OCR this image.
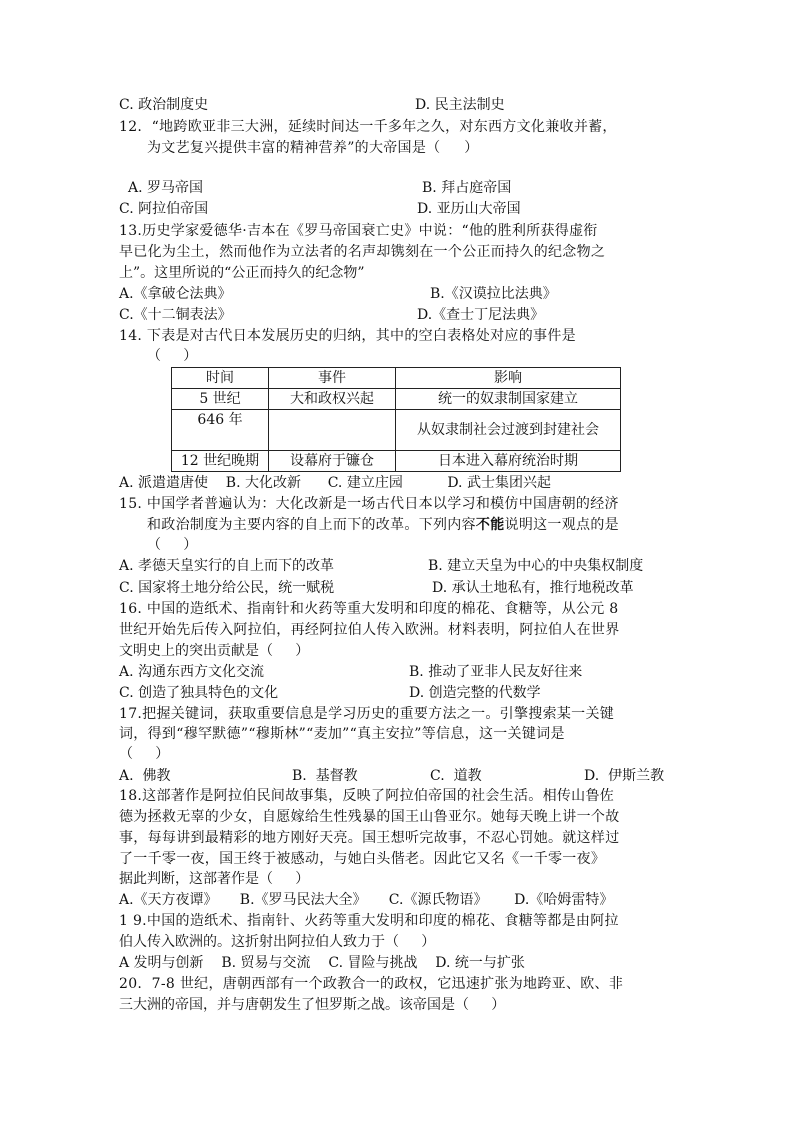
C. 政治制度史	D. 民主法制史
12.  “地跨欧亚非三大洲，延续时间达一千多年之久，对东西方文化兼收并蓄，
为文艺复兴提供丰富的精神营养”的大帝国是（     ）
A. 罗马帝国	B. 拜占庭帝国
C. 阿拉伯帝国	D. 亚历山大帝国
13.历史学家爱德华·吉本在《罗马帝国衰亡史》中说：“他的胜利所获得虚衔
早已化为尘土，然而他作为立法者的名声却镌刻在一个公正而持久的纪念物之
上”。这里所说的“公正而持久的纪念物”
A.《拿破仑法典》	B.《汉谟拉比法典》
C.《十二铜表法》	D.《查士丁尼法典》
14. 下表是对古代日本发展历史的归纳，其中的空白表格处对应的事件是
（     ）
时间	事件	影响
5 世纪	大和政权兴起	统一的奴隶制国家建立
646 年		从奴隶制社会过渡到封建社会
12 世纪晚期	设幕府于镰仓	日本进入幕府统治时期
A. 派遣遣唐使    B. 大化改新      C. 建立庄园          D. 武士集团兴起
15. 中国学者普遍认为：大化改新是一场古代日本以学习和模仿中国唐朝的经济
和政治制度为主要内容的自上而下的改革。下列内容不能说明这一观点的是
（     ）
A. 孝德天皇实行的自上而下的改革	B. 建立天皇为中心的中央集权制度
C. 国家将土地分给公民，统一赋税	D. 承认土地私有，推行地税改革
16. 中国的造纸术、指南针和火药等重大发明和印度的棉花、食糖等，从公元 8
世纪开始先后传入阿拉伯，再经阿拉伯人传入欧洲。材料表明，阿拉伯人在世界
文明史上的突出贡献是（     ）
A. 沟通东西方文化交流	B. 推动了亚非人民友好往来
C. 创造了独具特色的文化	D. 创造完整的代数学
17.把握关键词，获取重要信息是学习历史的重要方法之一。引擎搜索某一关键
词，得到“穆罕默德”“穆斯林”“麦加”“真主安拉”等信息，这一关键词是
（     ）
A.  佛教	B.  基督教	C.  道教	D.  伊斯兰教
18.这部著作是阿拉伯民间故事集，反映了阿拉伯帝国的社会生活。相传山鲁佐
德为拯救无辜的少女，自愿嫁给生性残暴的国王山鲁亚尔。她每天晚上讲一个故
事，每每讲到最精彩的地方刚好天亮。国王想听完故事，不忍心罚她。就这样过
了一千零一夜，国王终于被感动，与她白头偕老。因此它又名《一千零一夜》
据此判断，这部著作是（     ）
A.《天方夜谭》     B.《罗马民法大全》     C.《源氏物语》      D.《哈姆雷特》
1 9.中国的造纸术、指南针、火药等重大发明和印度的棉花、食糖等都是由阿拉
伯人传入欧洲的。这折射出阿拉伯人致力于（     ）
A 发明与创新    B. 贸易与交流    C. 冒险与挑战    D. 统一与扩张
20.  7-8 世纪，唐朝西部有一个政教合一的政权，它迅速扩张为地跨亚、欧、非
三大洲的帝国，并与唐朝发生了怛罗斯之战。该帝国是（     ）
